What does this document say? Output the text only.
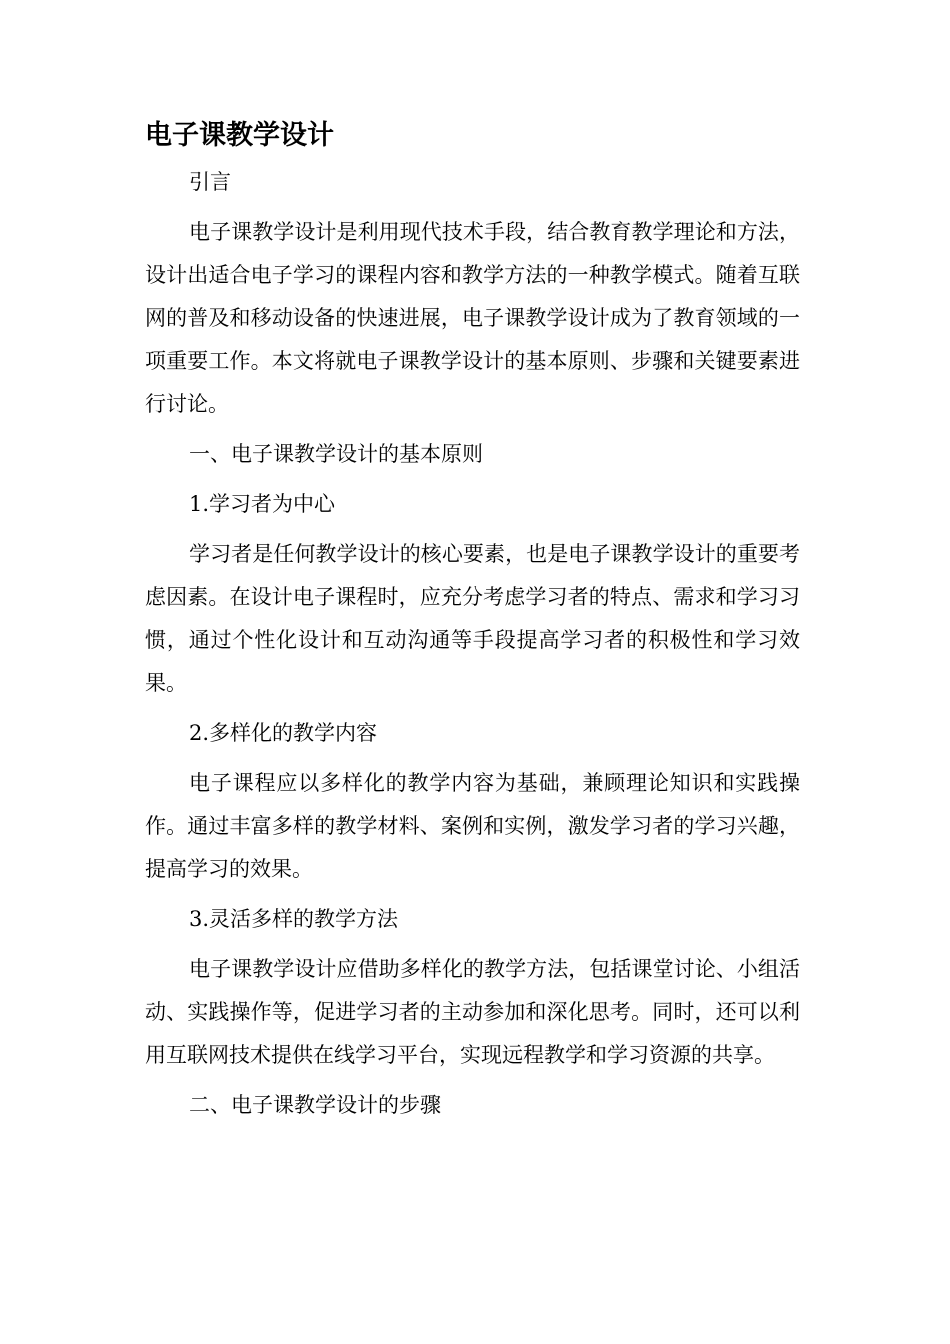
电子课教学设计
引言
电子课教学设计是利用现代技术手段，结合教育教学理论和方法，设计出适合电子学习的课程内容和教学方法的一种教学模式。随着互联网的普及和移动设备的快速进展，电子课教学设计成为了教育领域的一项重要工作。本文将就电子课教学设计的基本原则、步骤和关键要素进行讨论。
一、电子课教学设计的基本原则
1.学习者为中心
学习者是任何教学设计的核心要素，也是电子课教学设计的重要考虑因素。在设计电子课程时，应充分考虑学习者的特点、需求和学习习惯，通过个性化设计和互动沟通等手段提高学习者的积极性和学习效果。
2.多样化的教学内容
电子课程应以多样化的教学内容为基础，兼顾理论知识和实践操作。通过丰富多样的教学材料、案例和实例，激发学习者的学习兴趣，提高学习的效果。
3.灵活多样的教学方法
电子课教学设计应借助多样化的教学方法，包括课堂讨论、小组活动、实践操作等，促进学习者的主动参加和深化思考。同时，还可以利用互联网技术提供在线学习平台，实现远程教学和学习资源的共享。
二、电子课教学设计的步骤
